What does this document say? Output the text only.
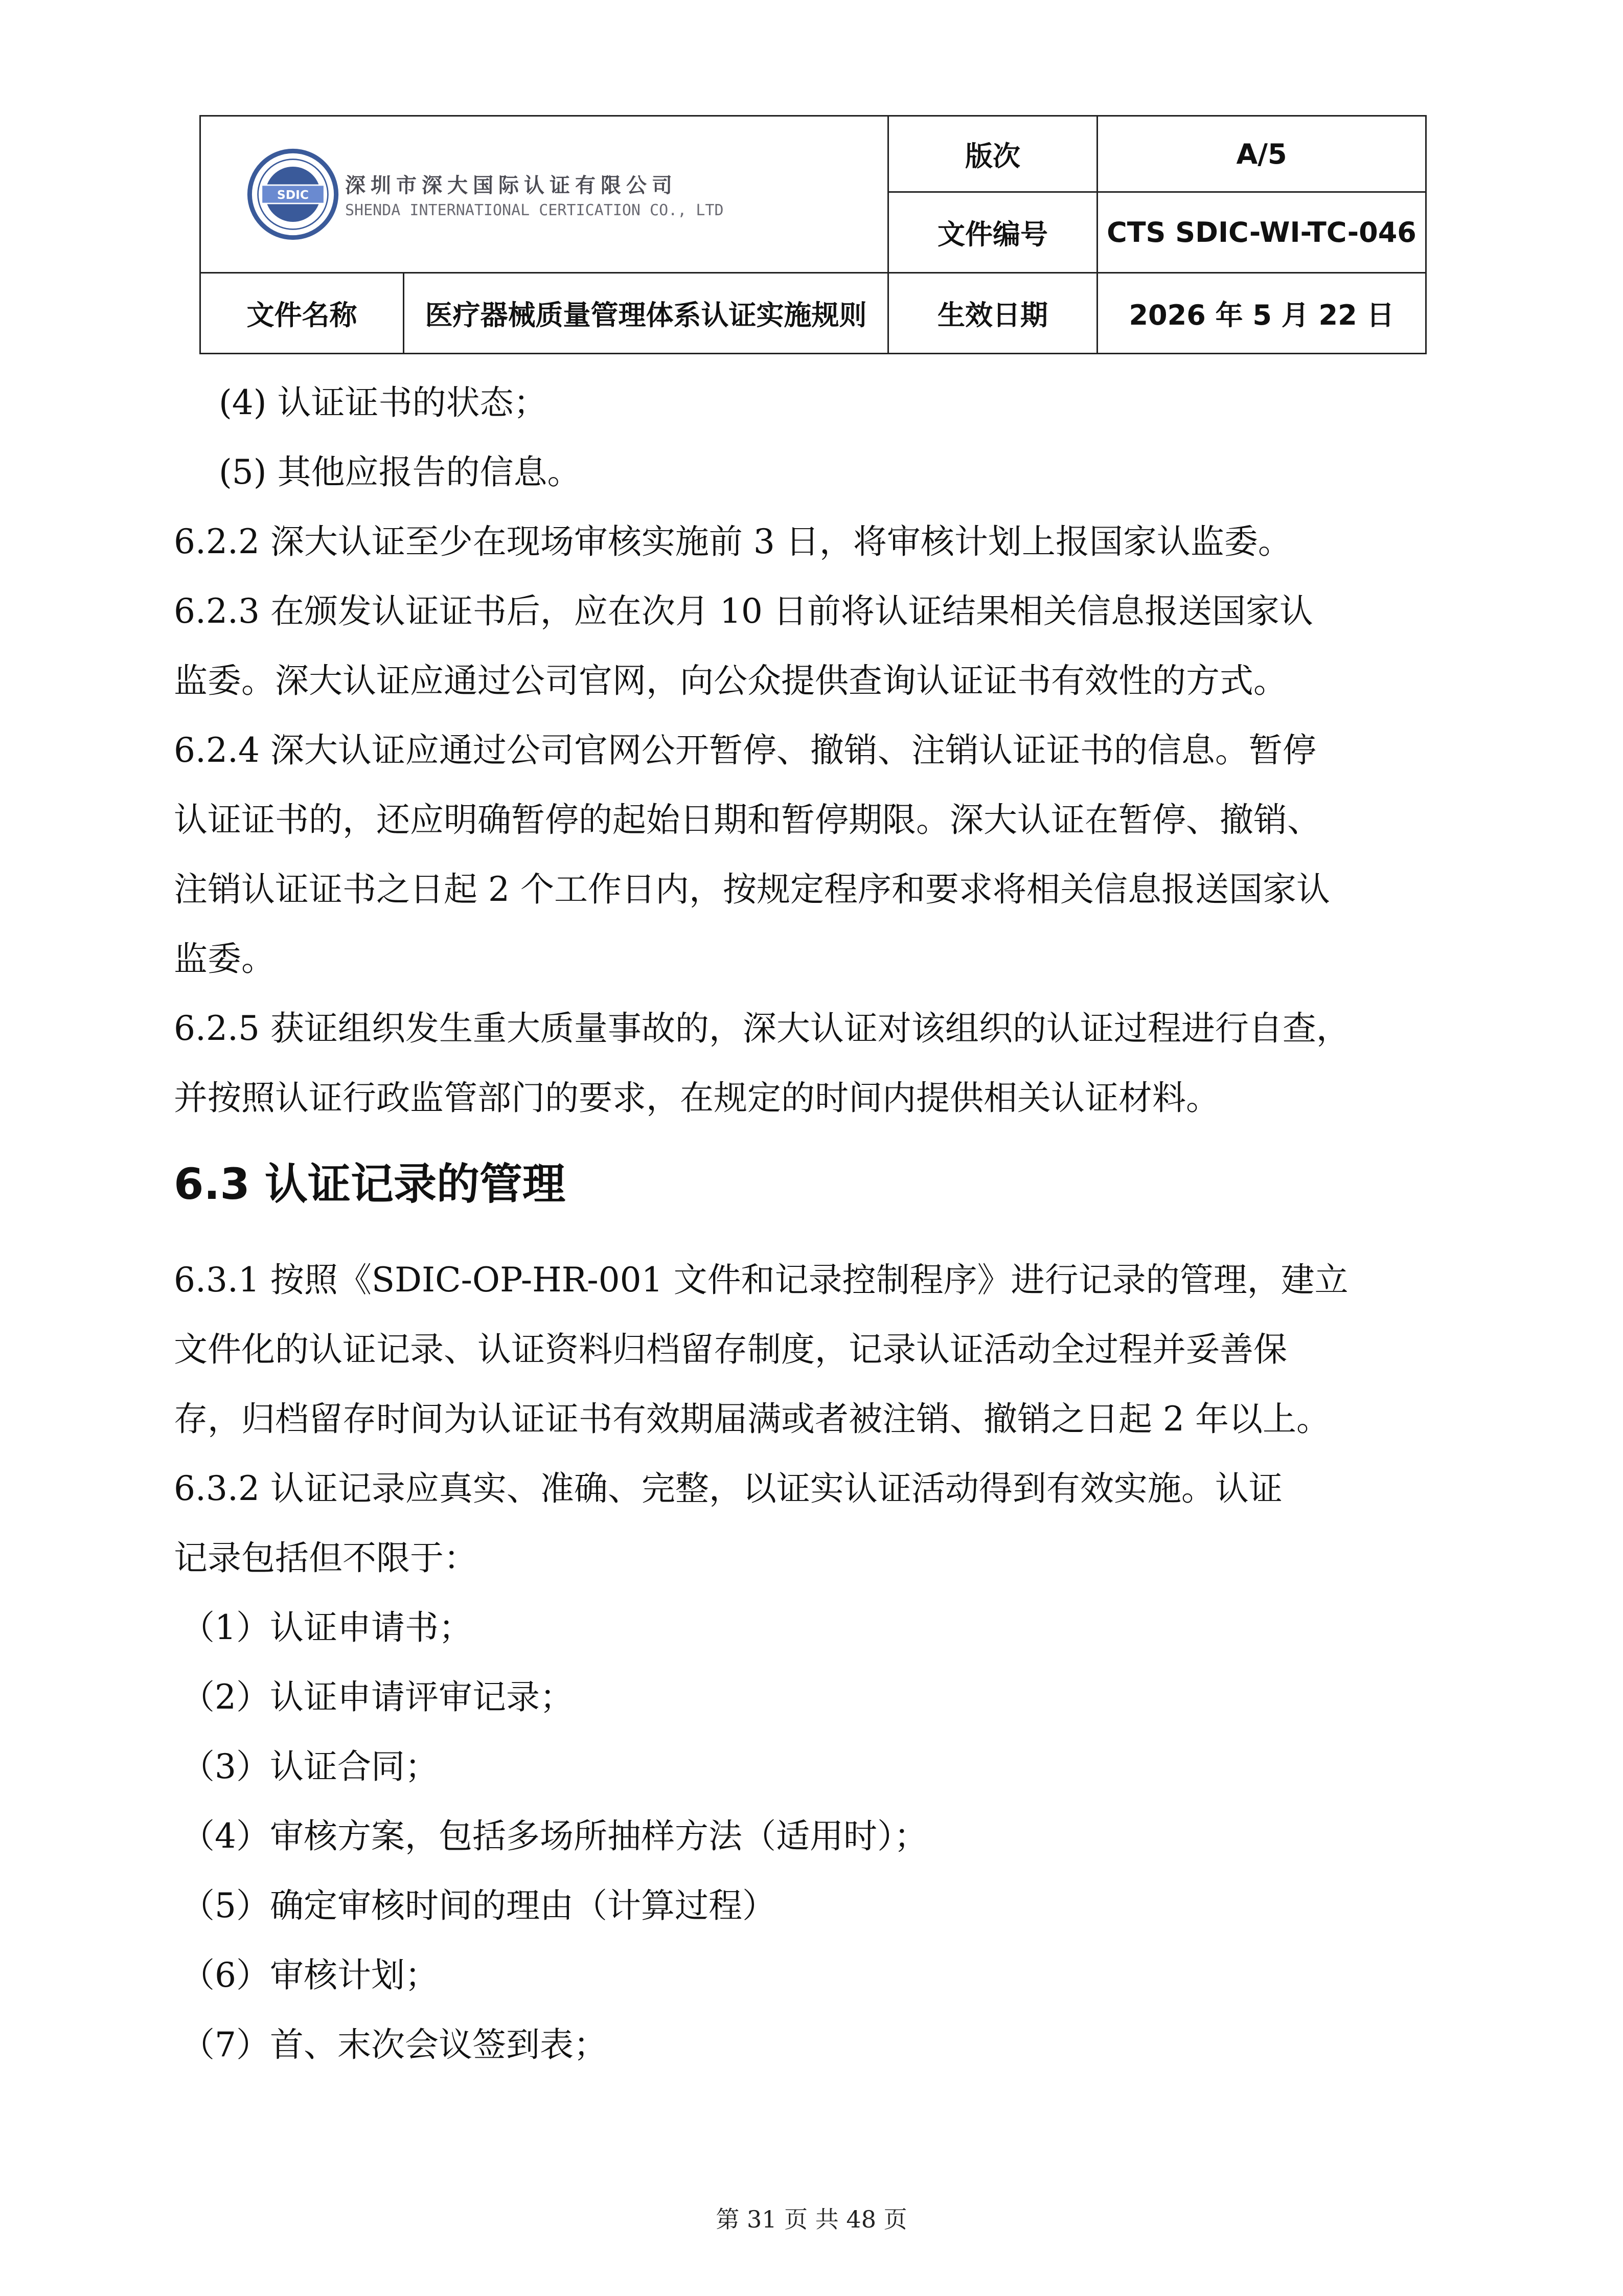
SDIC 深圳市深大国际认证有限公司
SHENDA INTERNATIONAL CERTICATION CO., LTD		版次	A/5
		文件编号	CTS SDIC-WI-TC-046
文件名称	医疗器械质量管理体系认证实施规则	生效日期	2026 年 5 月 22 日

(4) 认证证书的状态；

(5) 其他应报告的信息。

6.2.2 深大认证至少在现场审核实施前 3 日，将审核计划上报国家认监委。

6.2.3 在颁发认证证书后，应在次月 10 日前将认证结果相关信息报送国家认

监委。深大认证应通过公司官网，向公众提供查询认证证书有效性的方式。

6.2.4 深大认证应通过公司官网公开暂停、撤销、注销认证证书的信息。暂停

认证证书的，还应明确暂停的起始日期和暂停期限。深大认证在暂停、撤销、

注销认证证书之日起 2 个工作日内，按规定程序和要求将相关信息报送国家认

监委。

6.2.5 获证组织发生重大质量事故的，深大认证对该组织的认证过程进行自查，

并按照认证行政监管部门的要求，在规定的时间内提供相关认证材料。

6.3 认证记录的管理

6.3.1 按照《SDIC-OP-HR-001 文件和记录控制程序》进行记录的管理，建立

文件化的认证记录、认证资料归档留存制度，记录认证活动全过程并妥善保

存，归档留存时间为认证证书有效期届满或者被注销、撤销之日起 2 年以上。

6.3.2 认证记录应真实、准确、完整，以证实认证活动得到有效实施。认证

记录包括但不限于：

（1）认证申请书；

（2）认证申请评审记录；

（3）认证合同；

（4）审核方案，包括多场所抽样方法（适用时）；

（5）确定审核时间的理由（计算过程）

（6）审核计划；

（7）首、末次会议签到表；

第 31 页 共 48 页
